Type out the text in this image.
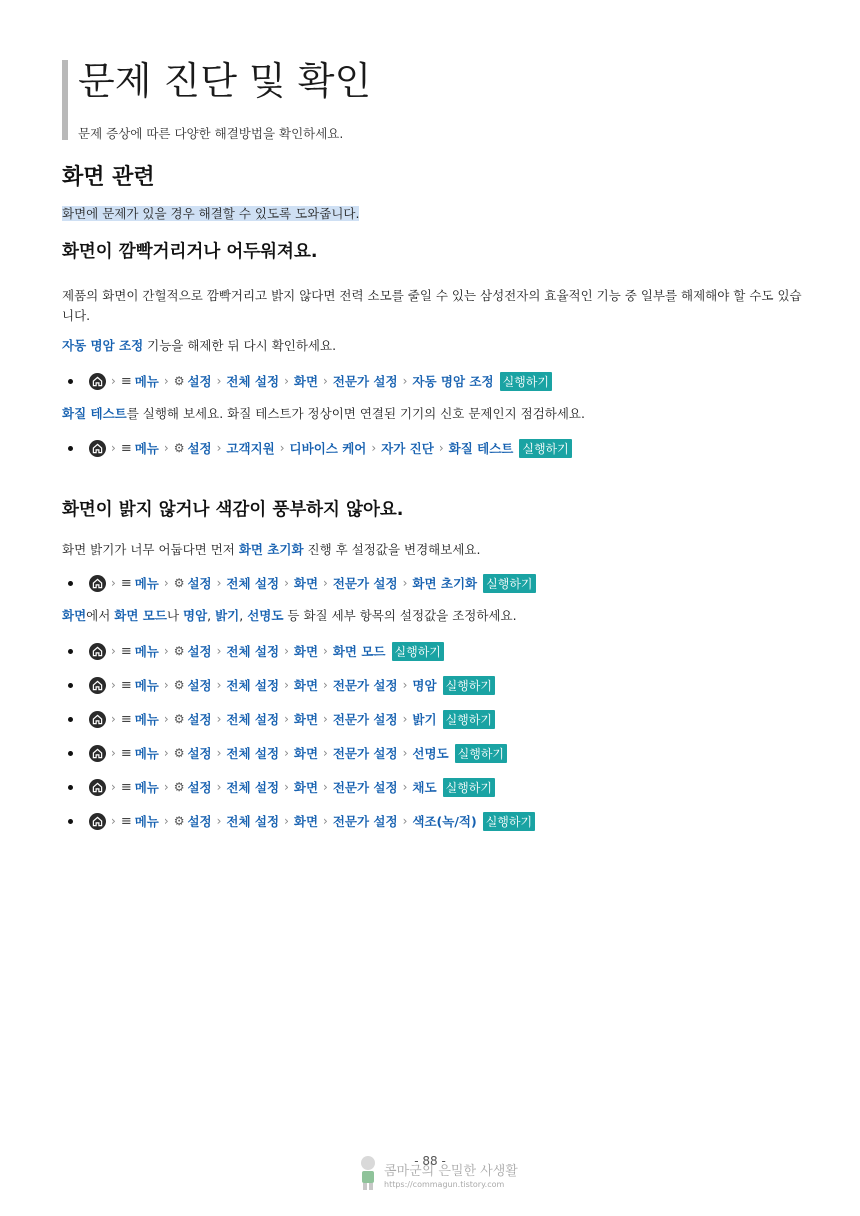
문제 진단 및 확인
문제 증상에 따른 다양한 해결방법을 확인하세요.
화면 관련
화면에 문제가 있을 경우 해결할 수 있도록 도와줍니다.
화면이 깜빡거리거나 어두워져요.
제품의 화면이 간헐적으로 깜빡거리고 밝지 않다면 전력 소모를 줄일 수 있는 삼성전자의 효율적인 기능 중 일부를 해제해야 할 수도 있습니다.
자동 명암 조정 기능을 해제한 뒤 다시 확인하세요.
› ≡ 메뉴 › ⚙ 설정 › 전체 설정 › 화면 › 전문가 설정 › 자동 명암 조정 실행하기
화질 테스트를 실행해 보세요. 화질 테스트가 정상이면 연결된 기기의 신호 문제인지 점검하세요.
› ≡ 메뉴 › ⚙ 설정 › 고객지원 › 디바이스 케어 › 자가 진단 › 화질 테스트 실행하기
화면이 밝지 않거나 색감이 풍부하지 않아요.
화면 밝기가 너무 어둡다면 먼저 화면 초기화 진행 후 설정값을 변경해보세요.
› ≡ 메뉴 › ⚙ 설정 › 전체 설정 › 화면 › 전문가 설정 › 화면 초기화 실행하기
화면에서 화면 모드나 명암, 밝기, 선명도 등 화질 세부 항목의 설정값을 조정하세요.
› ≡ 메뉴 › ⚙ 설정 › 전체 설정 › 화면 › 화면 모드 실행하기
› ≡ 메뉴 › ⚙ 설정 › 전체 설정 › 화면 › 전문가 설정 › 명암 실행하기
› ≡ 메뉴 › ⚙ 설정 › 전체 설정 › 화면 › 전문가 설정 › 밝기 실행하기
› ≡ 메뉴 › ⚙ 설정 › 전체 설정 › 화면 › 전문가 설정 › 선명도 실행하기
› ≡ 메뉴 › ⚙ 설정 › 전체 설정 › 화면 › 전문가 설정 › 채도 실행하기
› ≡ 메뉴 › ⚙ 설정 › 전체 설정 › 화면 › 전문가 설정 › 색조(녹/적) 실행하기
- 88 -
콤마군의 은밀한 사생활
https://commagun.tistory.com
